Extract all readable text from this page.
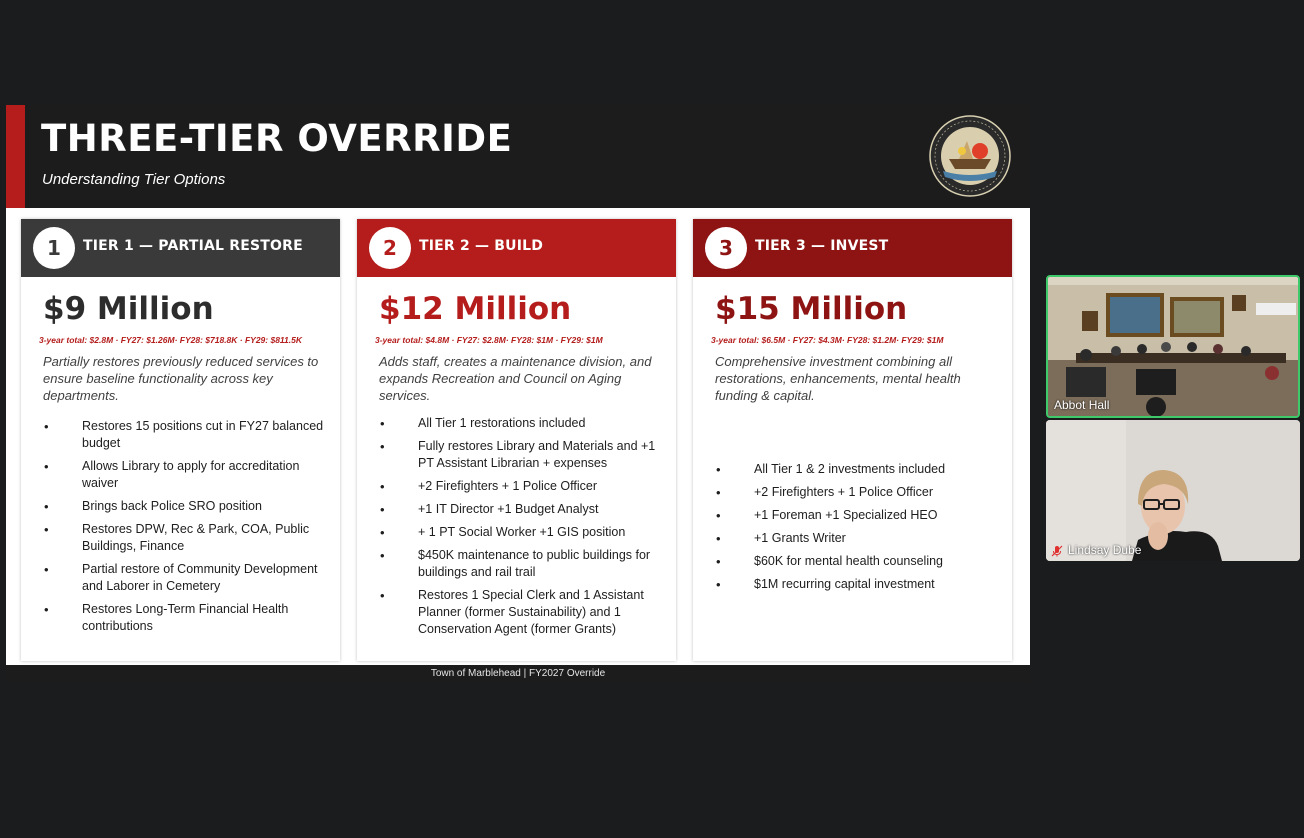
THREE-TIER OVERRIDE
Understanding Tier Options
1	TIER 1 — PARTIAL RESTORE
$9 Million
3-year total: $2.8M · FY27: $1.26M· FY28: $718.8K · FY29: $811.5K
Partially restores previously reduced services to ensure baseline functionality across key departments.
•	Restores 15 positions cut in FY27 balanced budget
•	Allows Library to apply for accreditation waiver
•	Brings back Police SRO position
•	Restores DPW, Rec & Park, COA, Public Buildings, Finance
•	Partial restore of Community Development and Laborer in Cemetery
•	Restores Long-Term Financial Health contributions
2	TIER 2 — BUILD
$12 Million
3-year total: $4.8M · FY27: $2.8M· FY28: $1M · FY29: $1M
Adds staff, creates a maintenance division, and expands Recreation and Council on Aging services.
•	All Tier 1 restorations included
•	Fully restores Library and Materials and +1 PT Assistant Librarian + expenses
•	+2 Firefighters + 1 Police Officer
•	+1 IT Director +1 Budget Analyst
•	+ 1 PT Social Worker +1 GIS position
•	$450K maintenance to public buildings for buildings and rail trail
•	Restores 1 Special Clerk and 1 Assistant Planner (former Sustainability) and 1 Conservation Agent (former Grants)
3	TIER 3 — INVEST
$15 Million
3-year total: $6.5M · FY27: $4.3M· FY28: $1.2M· FY29: $1M
Comprehensive investment combining all restorations, enhancements, mental health funding & capital.
•	All Tier 1 & 2 investments included
•	+2 Firefighters + 1 Police Officer
•	+1 Foreman +1 Specialized HEO
•	+1 Grants Writer
•	$60K for mental health counseling
•	$1M recurring capital investment
Town of Marblehead | FY2027 Override
Abbot Hall
Lindsay Dube
